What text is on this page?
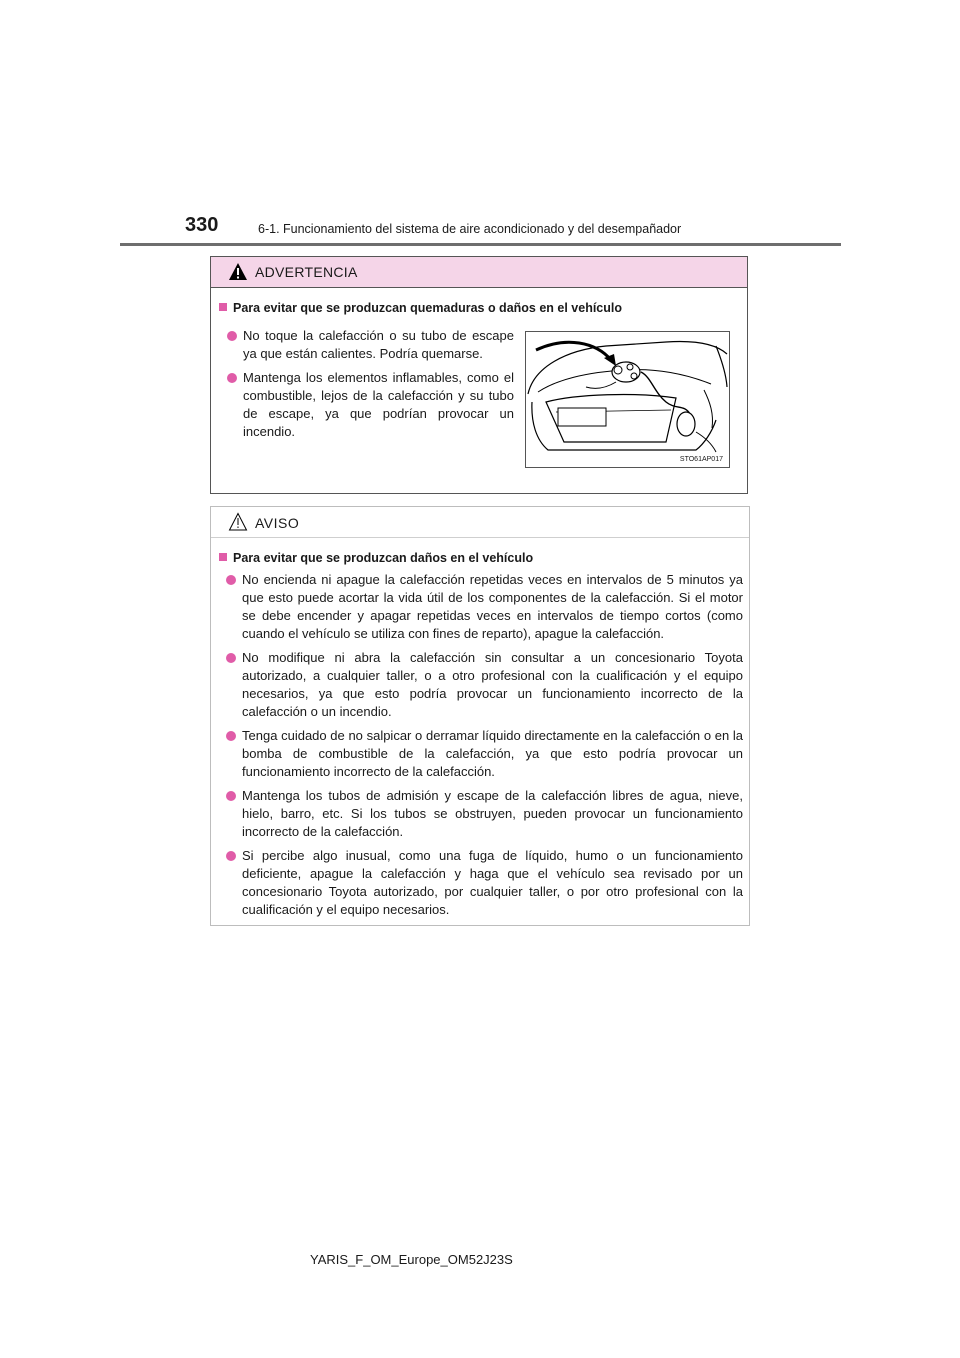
330	6-1. Funcionamiento del sistema de aire acondicionado y del desempañador
ADVERTENCIA
Para evitar que se produzcan quemaduras o daños en el vehículo
No toque la calefacción o su tubo de escape ya que están calientes. Podría quemarse.
Mantenga los elementos inflamables, como el combustible, lejos de la calefacción y su tubo de escape, ya que podrían provocar un incendio.
STO61AP017
AVISO
Para evitar que se produzcan daños en el vehículo
No encienda ni apague la calefacción repetidas veces en intervalos de 5 minutos ya que esto puede acortar la vida útil de los componentes de la calefacción. Si el motor se debe encender y apagar repetidas veces en intervalos de tiempo cortos (como cuando el vehículo se utiliza con fines de reparto), apague la calefacción.
No modifique ni abra la calefacción sin consultar a un concesionario Toyota autorizado, a cualquier taller, o a otro profesional con la cualificación y el equipo necesarios, ya que esto podría provocar un funcionamiento incorrecto de la calefacción o un incendio.
Tenga cuidado de no salpicar o derramar líquido directamente en la calefacción o en la bomba de combustible de la calefacción, ya que esto podría provocar un funcionamiento incorrecto de la calefacción.
Mantenga los tubos de admisión y escape de la calefacción libres de agua, nieve, hielo, barro, etc. Si los tubos se obstruyen, pueden provocar un funcionamiento incorrecto de la calefacción.
Si percibe algo inusual, como una fuga de líquido, humo o un funcionamiento deficiente, apague la calefacción y haga que el vehículo sea revisado por un concesionario Toyota autorizado, por cualquier taller, o por otro profesional con la cualificación y el equipo necesarios.
YARIS_F_OM_Europe_OM52J23S
